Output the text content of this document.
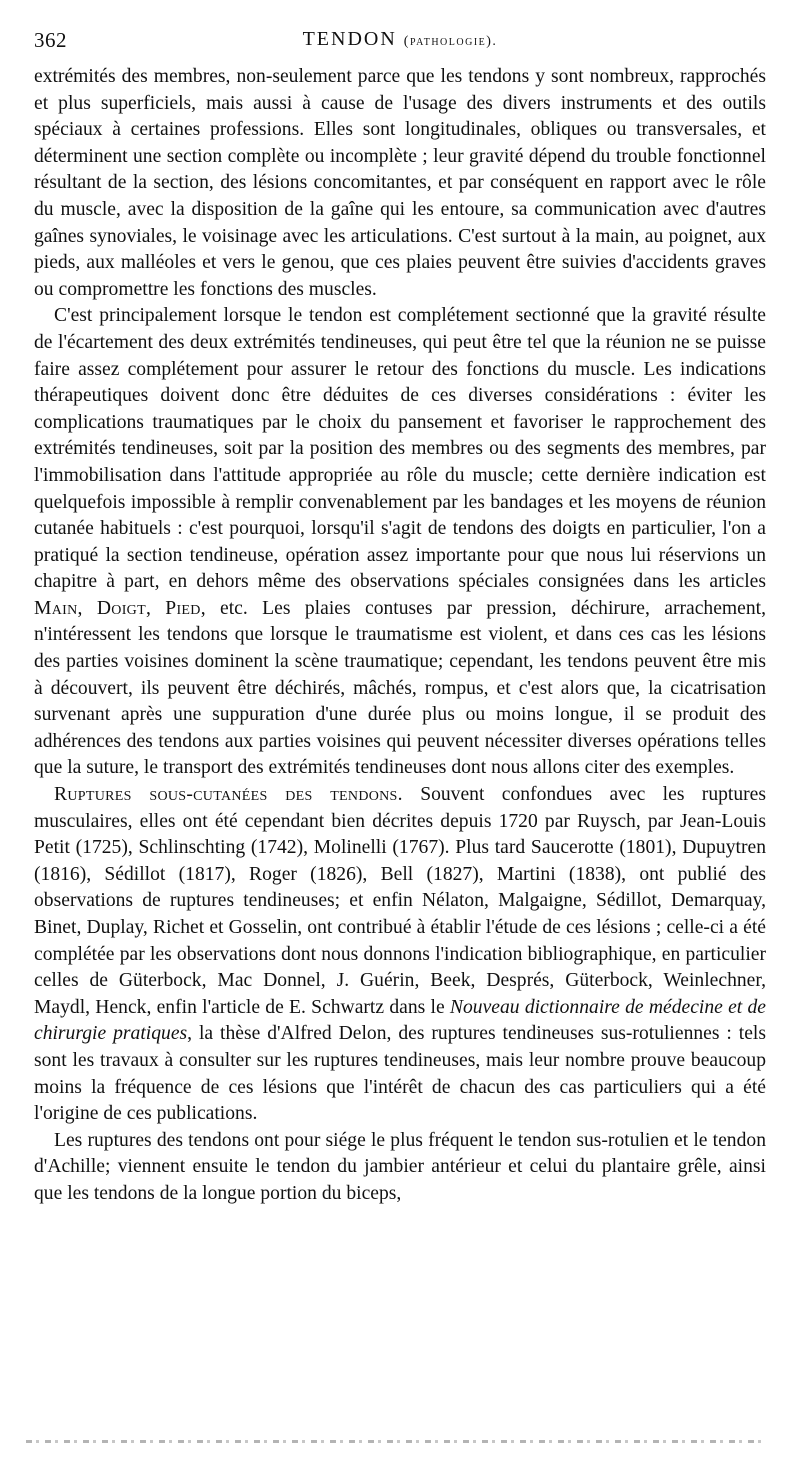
362	TENDON (pathologie).

extrémités des membres, non-seulement parce que les tendons y sont nombreux, rapprochés et plus superficiels, mais aussi à cause de l'usage des divers instruments et des outils spéciaux à certaines professions. Elles sont longitudinales, obliques ou transversales, et déterminent une section complète ou incomplète ; leur gravité dépend du trouble fonctionnel résultant de la section, des lésions concomitantes, et par conséquent en rapport avec le rôle du muscle, avec la disposition de la gaîne qui les entoure, sa communication avec d'autres gaînes synoviales, le voisinage avec les articulations. C'est surtout à la main, au poignet, aux pieds, aux malléoles et vers le genou, que ces plaies peuvent être suivies d'accidents graves ou compromettre les fonctions des muscles.

C'est principalement lorsque le tendon est complétement sectionné que la gravité résulte de l'écartement des deux extrémités tendineuses, qui peut être tel que la réunion ne se puisse faire assez complétement pour assurer le retour des fonctions du muscle. Les indications thérapeutiques doivent donc être déduites de ces diverses considérations : éviter les complications traumatiques par le choix du pansement et favoriser le rapprochement des extrémités tendineuses, soit par la position des membres ou des segments des membres, par l'immobilisation dans l'attitude appropriée au rôle du muscle; cette dernière indication est quelquefois impossible à remplir convenablement par les bandages et les moyens de réunion cutanée habituels : c'est pourquoi, lorsqu'il s'agit de tendons des doigts en particulier, l'on a pratiqué la section tendineuse, opération assez importante pour que nous lui réservions un chapitre à part, en dehors même des observations spéciales consignées dans les articles Main, Doigt, Pied, etc. Les plaies contuses par pression, déchirure, arrachement, n'intéressent les tendons que lorsque le traumatisme est violent, et dans ces cas les lésions des parties voisines dominent la scène traumatique; cependant, les tendons peuvent être mis à découvert, ils peuvent être déchirés, mâchés, rompus, et c'est alors que, la cicatrisation survenant après une suppuration d'une durée plus ou moins longue, il se produit des adhérences des tendons aux parties voisines qui peuvent nécessiter diverses opérations telles que la suture, le transport des extrémités tendineuses dont nous allons citer des exemples.

Ruptures sous-cutanées des tendons. Souvent confondues avec les ruptures musculaires, elles ont été cependant bien décrites depuis 1720 par Ruysch, par Jean-Louis Petit (1725), Schlinschting (1742), Molinelli (1767). Plus tard Saucerotte (1801), Dupuytren (1816), Sédillot (1817), Roger (1826), Bell (1827), Martini (1838), ont publié des observations de ruptures tendineuses; et enfin Nélaton, Malgaigne, Sédillot, Demarquay, Binet, Duplay, Richet et Gosselin, ont contribué à établir l'étude de ces lésions ; celle-ci a été complétée par les observations dont nous donnons l'indication bibliographique, en particulier celles de Güterbock, Mac Donnel, J. Guérin, Beek, Després, Güterbock, Weinlechner, Maydl, Henck, enfin l'article de E. Schwartz dans le Nouveau dictionnaire de médecine et de chirurgie pratiques, la thèse d'Alfred Delon, des ruptures tendineuses sus-rotuliennes : tels sont les travaux à consulter sur les ruptures tendineuses, mais leur nombre prouve beaucoup moins la fréquence de ces lésions que l'intérêt de chacun des cas particuliers qui a été l'origine de ces publications.

Les ruptures des tendons ont pour siége le plus fréquent le tendon sus-rotulien et le tendon d'Achille; viennent ensuite le tendon du jambier antérieur et celui du plantaire grêle, ainsi que les tendons de la longue portion du biceps,
